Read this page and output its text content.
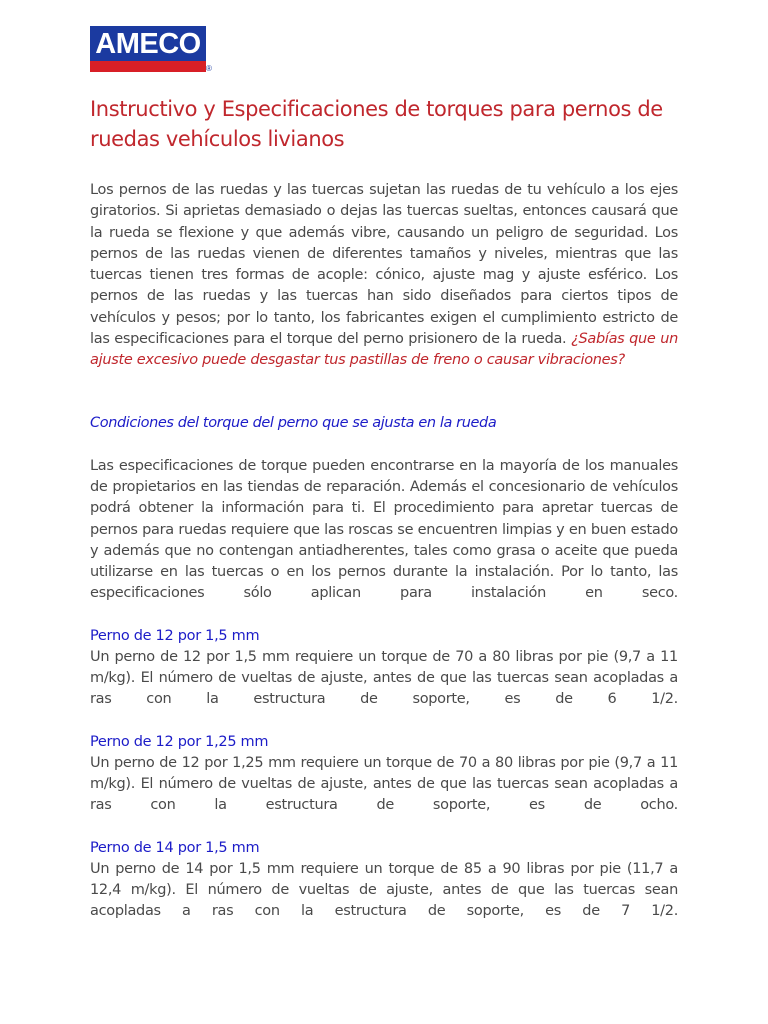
AMECO
®
Instructivo y Especificaciones de torques para pernos de ruedas vehículos livianos

Los pernos de las ruedas y las tuercas sujetan las ruedas de tu vehículo a los ejes giratorios. Si aprietas demasiado o dejas las tuercas sueltas, entonces causará que la rueda se flexione y que además vibre, causando un peligro de seguridad. Los pernos de las ruedas vienen de diferentes tamaños y niveles, mientras que las tuercas tienen tres formas de acople: cónico, ajuste mag y ajuste esférico. Los pernos de las ruedas y las tuercas han sido diseñados para ciertos tipos de vehículos y pesos; por lo tanto, los fabricantes exigen el cumplimiento estricto de las especificaciones para el torque del perno prisionero de la rueda. ¿Sabías que un ajuste excesivo puede desgastar tus pastillas de freno o causar vibraciones?

Condiciones del torque del perno que se ajusta en la rueda

Las especificaciones de torque pueden encontrarse en la mayoría de los manuales de propietarios en las tiendas de reparación. Además el concesionario de vehículos podrá obtener la información para ti. El procedimiento para apretar tuercas de pernos para ruedas requiere que las roscas se encuentren limpias y en buen estado y además que no contengan antiadherentes, tales como grasa o aceite que pueda utilizarse en las tuercas o en los pernos durante la instalación. Por lo tanto, las especificaciones sólo aplican para instalación en seco.

Perno de 12 por 1,5 mm

Un perno de 12 por 1,5 mm requiere un torque de 70 a 80 libras por pie (9,7 a 11 m/kg). El número de vueltas de ajuste, antes de que las tuercas sean acopladas a ras con la estructura de soporte, es de 6 1/2.

Perno de 12 por 1,25 mm

Un perno de 12 por 1,25 mm requiere un torque de 70 a 80 libras por pie (9,7 a 11 m/kg). El número de vueltas de ajuste, antes de que las tuercas sean acopladas a ras con la estructura de soporte, es de ocho.

Perno de 14 por 1,5 mm

Un perno de 14 por 1,5 mm requiere un torque de 85 a 90 libras por pie (11,7 a 12,4 m/kg). El número de vueltas de ajuste, antes de que las tuercas sean acopladas a ras con la estructura de soporte, es de 7 1/2.
